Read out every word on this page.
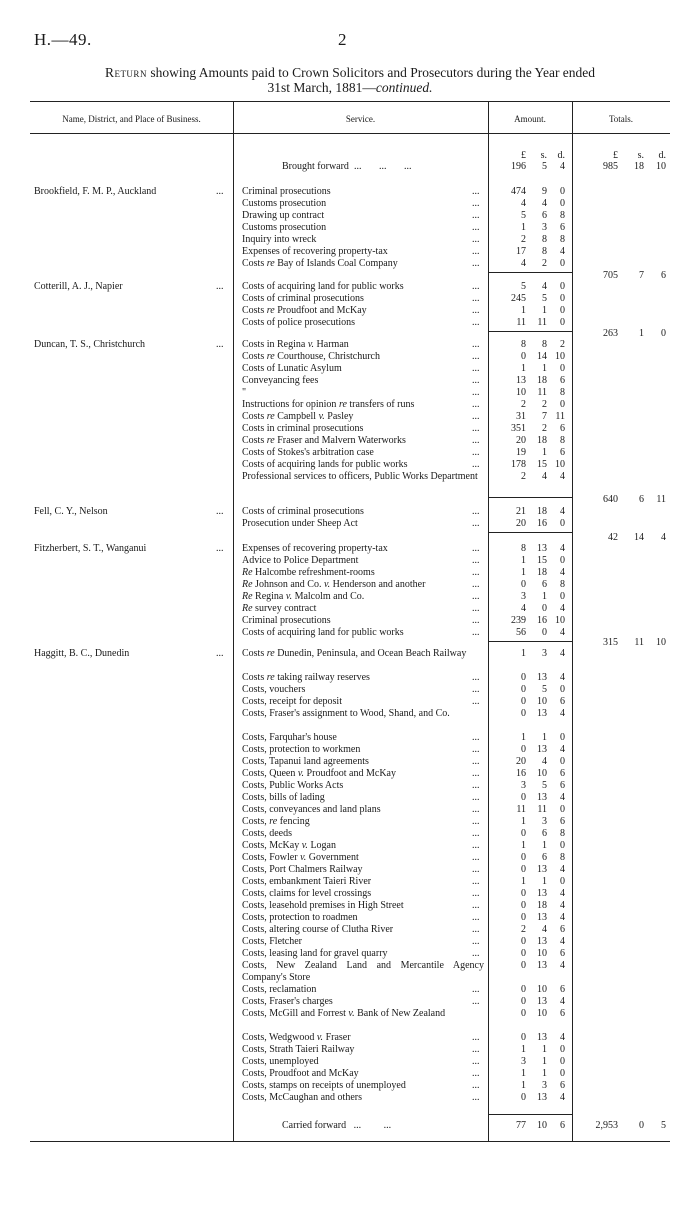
H.—49.	2
Return showing Amounts paid to Crown Solicitors and Prosecutors during the Year ended
31st March, 1881—continued.
Name, District, and Place of Business.	Service.	Amount.	Totals.
£	s.	d.	£	s.	d.
Brought forward  ...       ...       ...	196	5	4	985	18	10
Brookfield, F. M. P., Auckland	... Criminal prosecutions	...	474	9	0
Customs prosecution	...	4	4	0
Drawing up contract	...	5	6	8
Customs prosecution	...	1	3	6
Inquiry into wreck	...	2	8	8
Expenses of recovering property-tax	...	17	8	4
Costs re Bay of Islands Coal Company	...	4	2	0
705	7	6
Cotterill, A. J., Napier	... Costs of acquiring land for public works	...	5	4	0
Costs of criminal prosecutions	...	245	5	0
Costs re Proudfoot and McKay	...	1	1	0
Costs of police prosecutions	...	11	11	0
263	1	0
Duncan, T. S., Christchurch	... Costs in Regina v. Harman	...	8	8	2
Costs re Courthouse, Christchurch	...	0	14 10
Costs of Lunatic Asylum	...	1	1	0
Conveyancing fees	...	13	18	6
"	...	10	11	8
Instructions for opinion re transfers of runs	...	2	2	0
Costs re Campbell v. Pasley	...	31	7 11
Costs in criminal prosecutions	...	351	2	6
Costs re Fraser and Malvern Waterworks	...	20	18	8
Costs of Stokes's arbitration case	...	19	1	6
Costs of acquiring lands for public works	...	178	15 10
Professional services to officers, Public Works Department	2	4	4
640	6	11
Fell, C. Y., Nelson	... Costs of criminal prosecutions	...	21	18	4
Prosecution under Sheep Act	...	20	16	0
42	14	4
Fitzherbert, S. T., Wanganui	... Expenses of recovering property-tax	...	8	13	4
Advice to Police Department	...	1	15	0
Re Halcombe refreshment-rooms	...	1	18	4
Re Johnson and Co. v. Henderson and another	...	0	6	8
Re Regina v. Malcolm and Co.	...	3	1	0
Re survey contract	...	4	0	4
Criminal prosecutions	...	239	16 10
Costs of acquiring land for public works	...	56	0	4
315	11	10
Haggitt, B. C., Dunedin	... Costs re Dunedin, Peninsula, and Ocean Beach Railway	1	3	4
Costs re taking railway reserves	...	0	13	4
Costs, vouchers	...	0	5	0
Costs, receipt for deposit	...	0	10	6
Costs, Fraser's assignment to Wood, Shand, and Co.	0	13	4
Costs, Farquhar's house	...	1	1	0
Costs, protection to workmen	...	0	13	4
Costs, Tapanui land agreements	...	20	4	0
Costs, Queen v. Proudfoot and McKay	...	16	10	6
Costs, Public Works Acts	...	3	5	6
Costs, bills of lading	...	0	13	4
Costs, conveyances and land plans	...	11	11	0
Costs, re fencing	...	1	3	6
Costs, deeds	...	0	6	8
Costs, McKay v. Logan	...	1	1	0
Costs, Fowler v. Government	...	0	6	8
Costs, Port Chalmers Railway	...	0	13	4
Costs, embankment Taieri River	...	1	1	0
Costs, claims for level crossings	...	0	13	4
Costs, leasehold premises in High Street	...	0	18	4
Costs, protection to roadmen	...	0	13	4
Costs, altering course of Clutha River	...	2	4	6
Costs, Fletcher	...	0	13	4
Costs, leasing land for gravel quarry	...	0	10	6
Costs, New Zealand Land and Mercantile Agency Company's Store
0	13	4
Costs, reclamation	...	0	10	6
Costs, Fraser's charges	...	0	13	4
Costs, McGill and Forrest v. Bank of New Zealand	0	10	6
Costs, Wedgwood v. Fraser	...	0	13	4
Costs, Strath Taieri Railway	...	1	1	0
Costs, unemployed	...	3	1	0
Costs, Proudfoot and McKay	...	1	1	0
Costs, stamps on receipts of unemployed	...	1	3	6
Costs, McCaughan and others	...	0	13	4
Carried forward   ...         ...	77	10	6	2,953	0	5
